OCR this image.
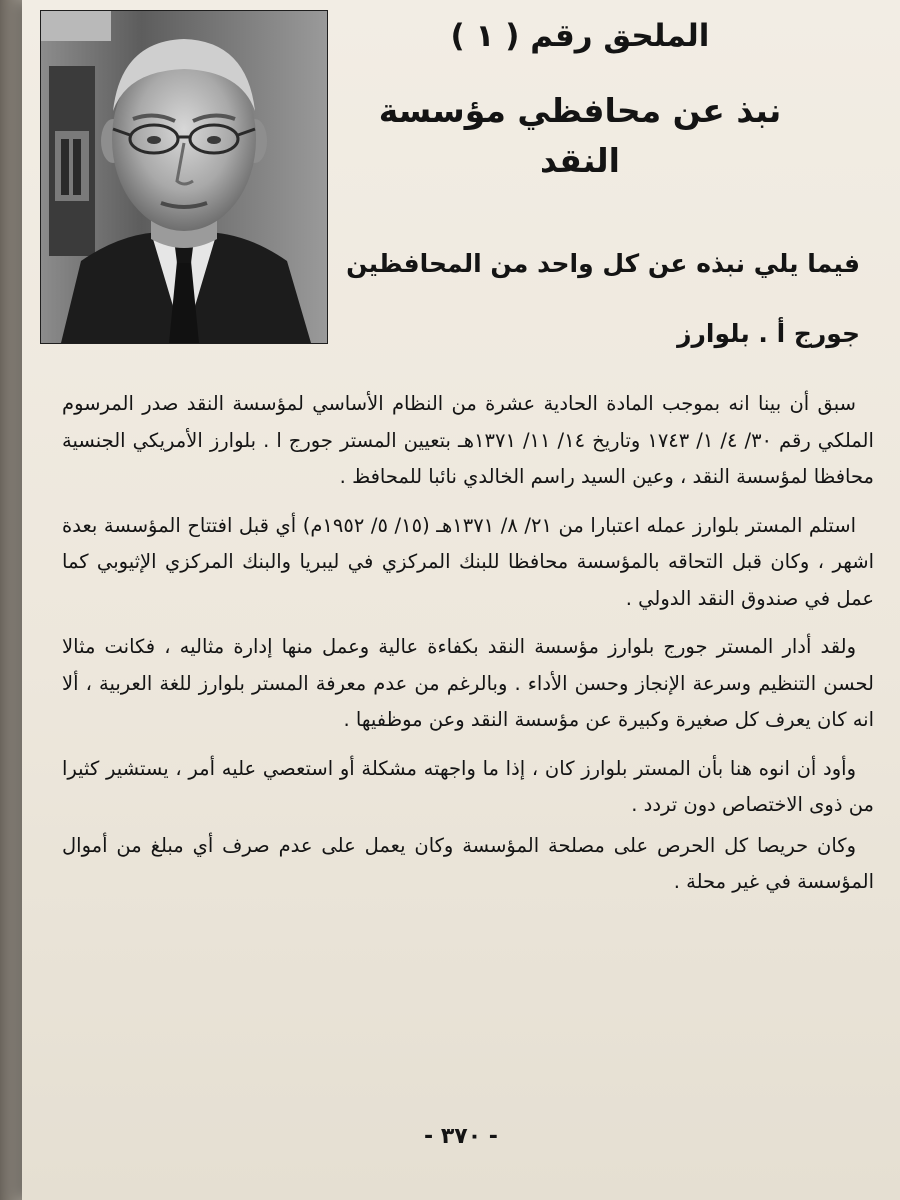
الملحق رقم ( ١ )
نبذ عن محافظي مؤسسة النقد
فيما يلي نبذه عن كل واحد من المحافظين
جورج أ . بلوارز

سبق أن بينا انه بموجب المادة الحادية عشرة من النظام الأساسي لمؤسسة النقد صدر المرسوم الملكي رقم ٣٠/ ٤/ ١/ ١٧٤٣ وتاريخ ١٤/ ١١/ ١٣٧١هـ بتعيين المستر جورج ا . بلوارز الأمريكي الجنسية محافظا لمؤسسة النقد ، وعين السيد راسم الخالدي نائبا للمحافظ .

استلم المستر بلوارز عمله اعتبارا من ٢١/ ٨/ ١٣٧١هـ (١٥/ ٥/ ١٩٥٢م) أي قبل افتتاح المؤسسة بعدة اشهر ، وكان قبل التحاقه بالمؤسسة محافظا للبنك المركزي في ليبريا والبنك المركزي الإثيوبي كما عمل في صندوق النقد الدولي .

ولقد أدار المستر جورج بلوارز مؤسسة النقد بكفاءة عالية وعمل منها إدارة مثاليه ، فكانت مثالا لحسن التنظيم وسرعة الإنجاز وحسن الأداء . وبالرغم من عدم معرفة المستر بلوارز للغة العربية ، ألا انه كان يعرف كل صغيرة وكبيرة عن مؤسسة النقد وعن موظفيها .

وأود أن انوه هنا بأن المستر بلوارز كان ، إذا ما واجهته مشكلة أو استعصي عليه أمر ، يستشير كثيرا من ذوى الاختصاص دون تردد .

وكان حريصا كل الحرص على مصلحة المؤسسة وكان يعمل على عدم صرف أي مبلغ من أموال المؤسسة في غير محلة .

- ٣٧٠ -
